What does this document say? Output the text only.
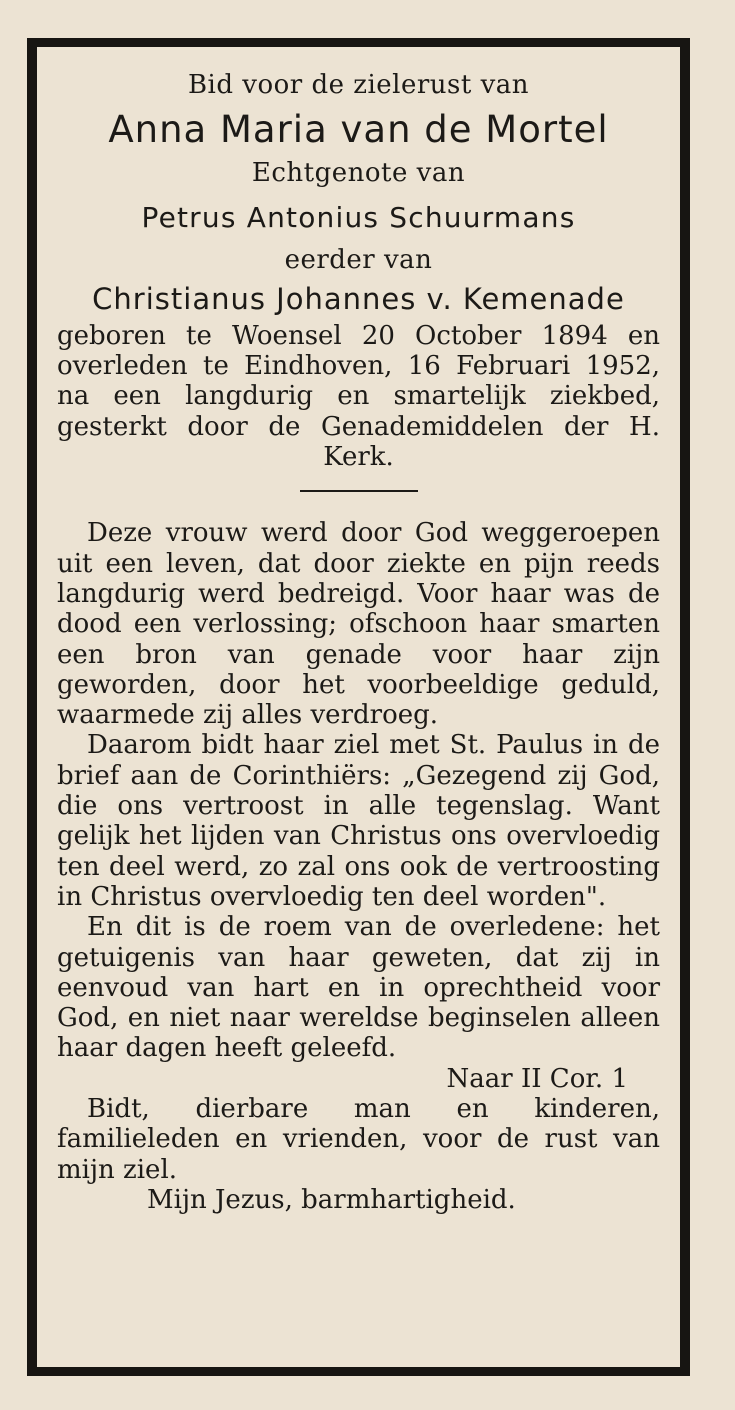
Bid voor de zielerust van

Anna Maria van de Mortel

Echtgenote van

Petrus Antonius Schuurmans

eerder van

Christianus Johannes v. Kemenade

geboren te Woensel 20 October 1894 en overleden te Eindhoven, 16 Februari 1952, na een langdurig en smartelijk ziekbed, gesterkt door de Genademiddelen der H. Kerk.

Deze vrouw werd door God weggeroepen uit een leven, dat door ziekte en pijn reeds langdurig werd bedreigd. Voor haar was de dood een verlossing; ofschoon haar smarten een bron van genade voor haar zijn geworden, door het voorbeeldige geduld, waarmede zij alles verdroeg.

Daarom bidt haar ziel met St. Paulus in de brief aan de Corinthiërs: „Gezegend zij God, die ons vertroost in alle tegenslag. Want gelijk het lijden van Christus ons overvloedig ten deel werd, zo zal ons ook de vertroosting in Christus overvloedig ten deel worden".

En dit is de roem van de overledene: het getuigenis van haar geweten, dat zij in eenvoud van hart en in oprechtheid voor God, en niet naar wereldse beginselen alleen haar dagen heeft geleefd.

Naar II Cor. 1

Bidt, dierbare man en kinderen, familieleden en vrienden, voor de rust van mijn ziel.

Mijn Jezus, barmhartigheid.
